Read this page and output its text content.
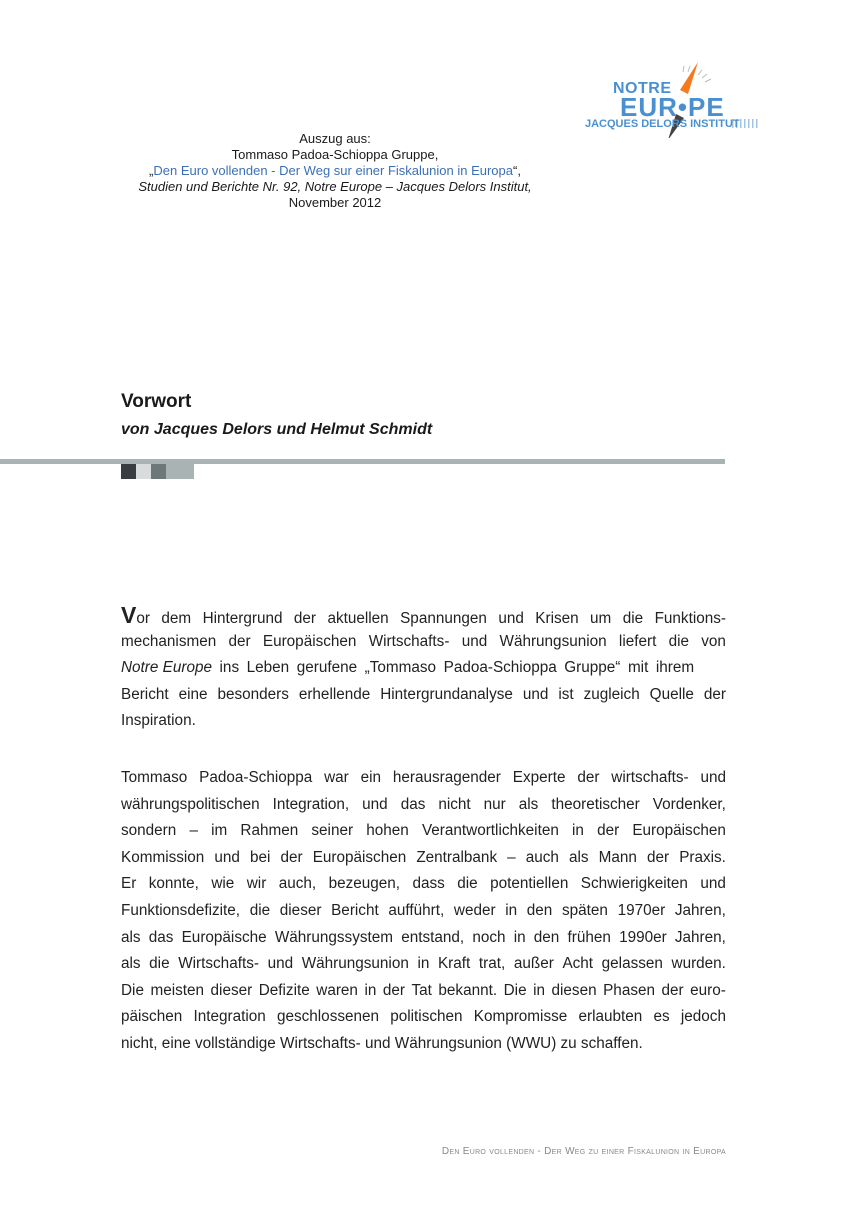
NOTRE
EUR•PE
JACQUES DELORS INSTITUT
Auszug aus:
Tommaso Padoa-Schioppa Gruppe,
„Den Euro vollenden - Der Weg sur einer Fiskalunion in Europa“,
Studien und Berichte Nr. 92, Notre Europe – Jacques Delors Institut,
November 2012
Vorwort
von Jacques Delors und Helmut Schmidt
V or dem Hintergrund der aktuellen Spannungen und Krisen um die Funktions-
mechanismen der Europäischen Wirtschafts- und Währungsunion liefert die von
Notre Europe ins Leben gerufene „Tommaso Padoa-Schioppa Gruppe“ mit ihrem
Bericht eine besonders erhellende Hintergrundanalyse und ist zugleich Quelle der
Inspiration.
Tommaso Padoa-Schioppa war ein herausragender Experte der wirtschafts- und
währungspolitischen Integration, und das nicht nur als theoretischer Vordenker,
sondern – im Rahmen seiner hohen Verantwortlichkeiten in der Europäischen
Kommission und bei der Europäischen Zentralbank – auch als Mann der Praxis.
Er konnte, wie wir auch, bezeugen, dass die potentiellen Schwierigkeiten und
Funktionsdefizite, die dieser Bericht aufführt, weder in den späten 1970er Jahren,
als das Europäische Währungssystem entstand, noch in den frühen 1990er Jahren,
als die Wirtschafts- und Währungsunion in Kraft trat, außer Acht gelassen wurden.
Die meisten dieser Defizite waren in der Tat bekannt. Die in diesen Phasen der euro-
päischen Integration geschlossenen politischen Kompromisse erlaubten es jedoch
nicht, eine vollständige Wirtschafts- und Währungsunion (WWU) zu schaffen.
Den Euro vollenden - Der Weg zu einer Fiskalunion in Europa
